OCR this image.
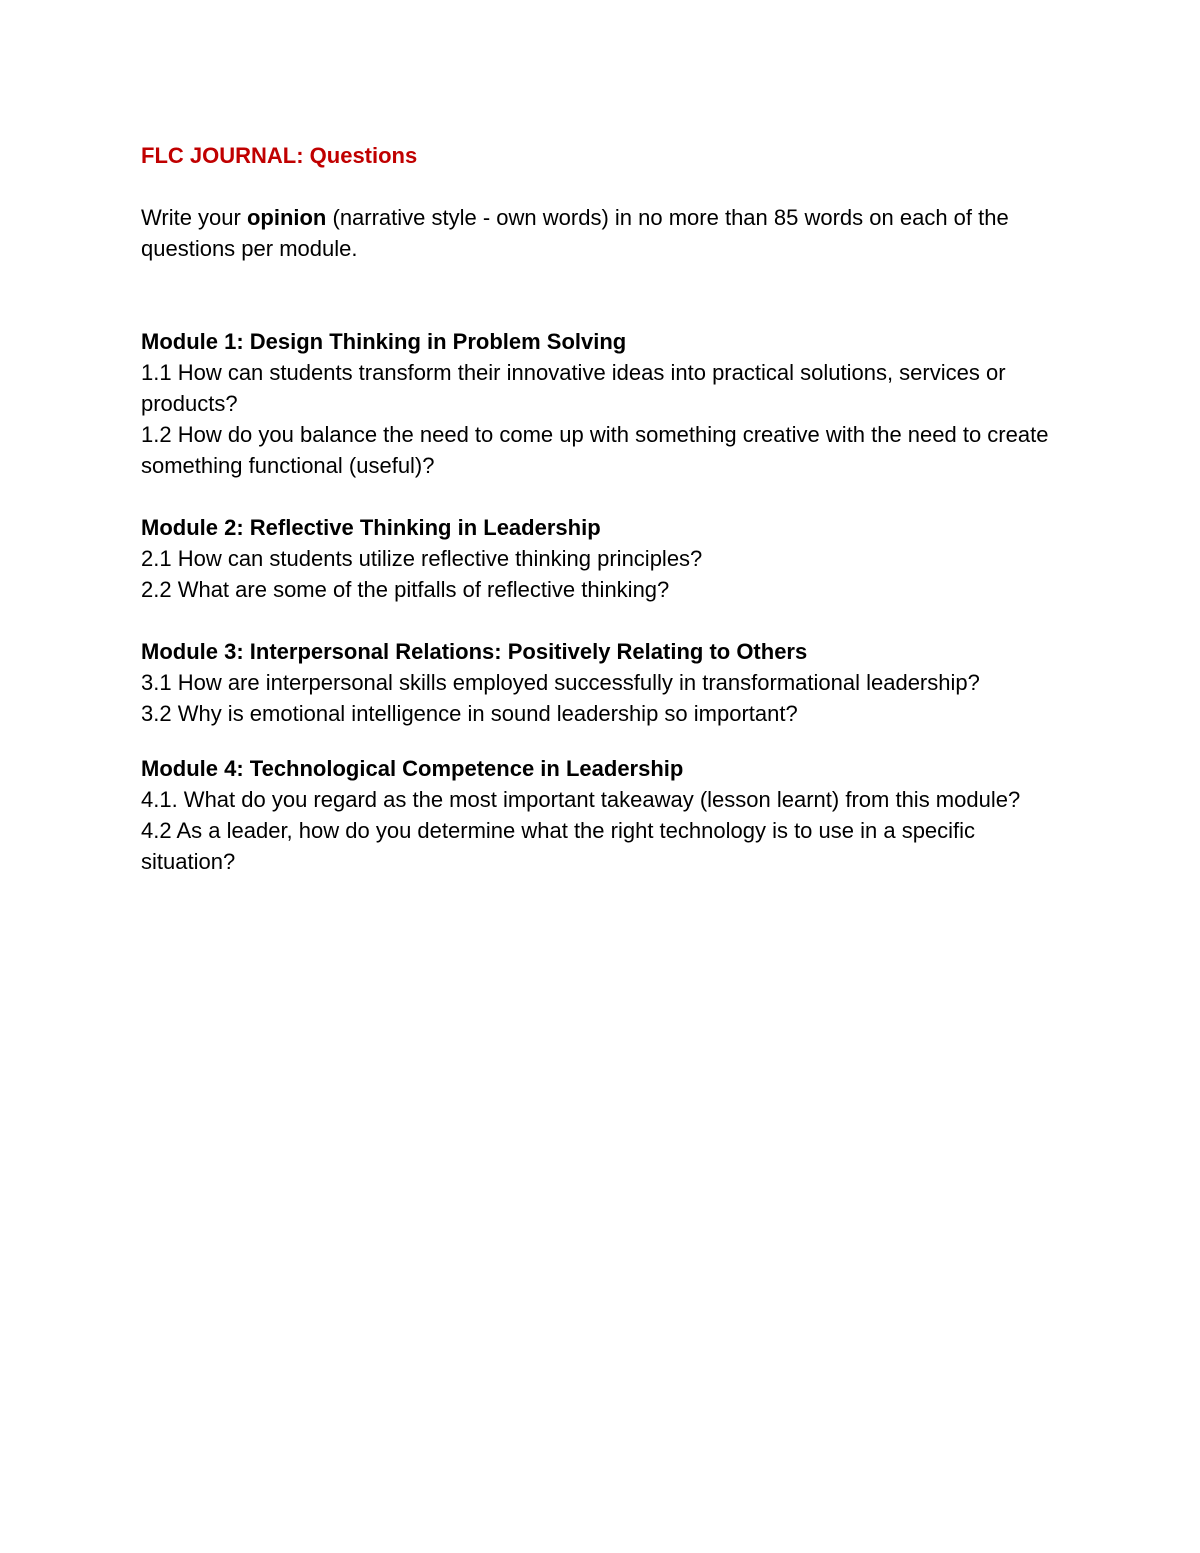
FLC JOURNAL: Questions

Write your opinion (narrative style - own words) in no more than 85 words on each of the questions per module.

Module 1: Design Thinking in Problem Solving

1.1 How can students transform their innovative ideas into practical solutions, services or products?

1.2 How do you balance the need to come up with something creative with the need to create something functional (useful)?

Module 2: Reflective Thinking in Leadership

2.1 How can students utilize reflective thinking principles?

2.2 What are some of the pitfalls of reflective thinking?

Module 3: Interpersonal Relations: Positively Relating to Others

3.1 How are interpersonal skills employed successfully in transformational leadership?

3.2 Why is emotional intelligence in sound leadership so important?

Module 4: Technological Competence in Leadership

4.1. What do you regard as the most important takeaway (lesson learnt) from this module?

4.2 As a leader, how do you determine what the right technology is to use in a specific situation?
